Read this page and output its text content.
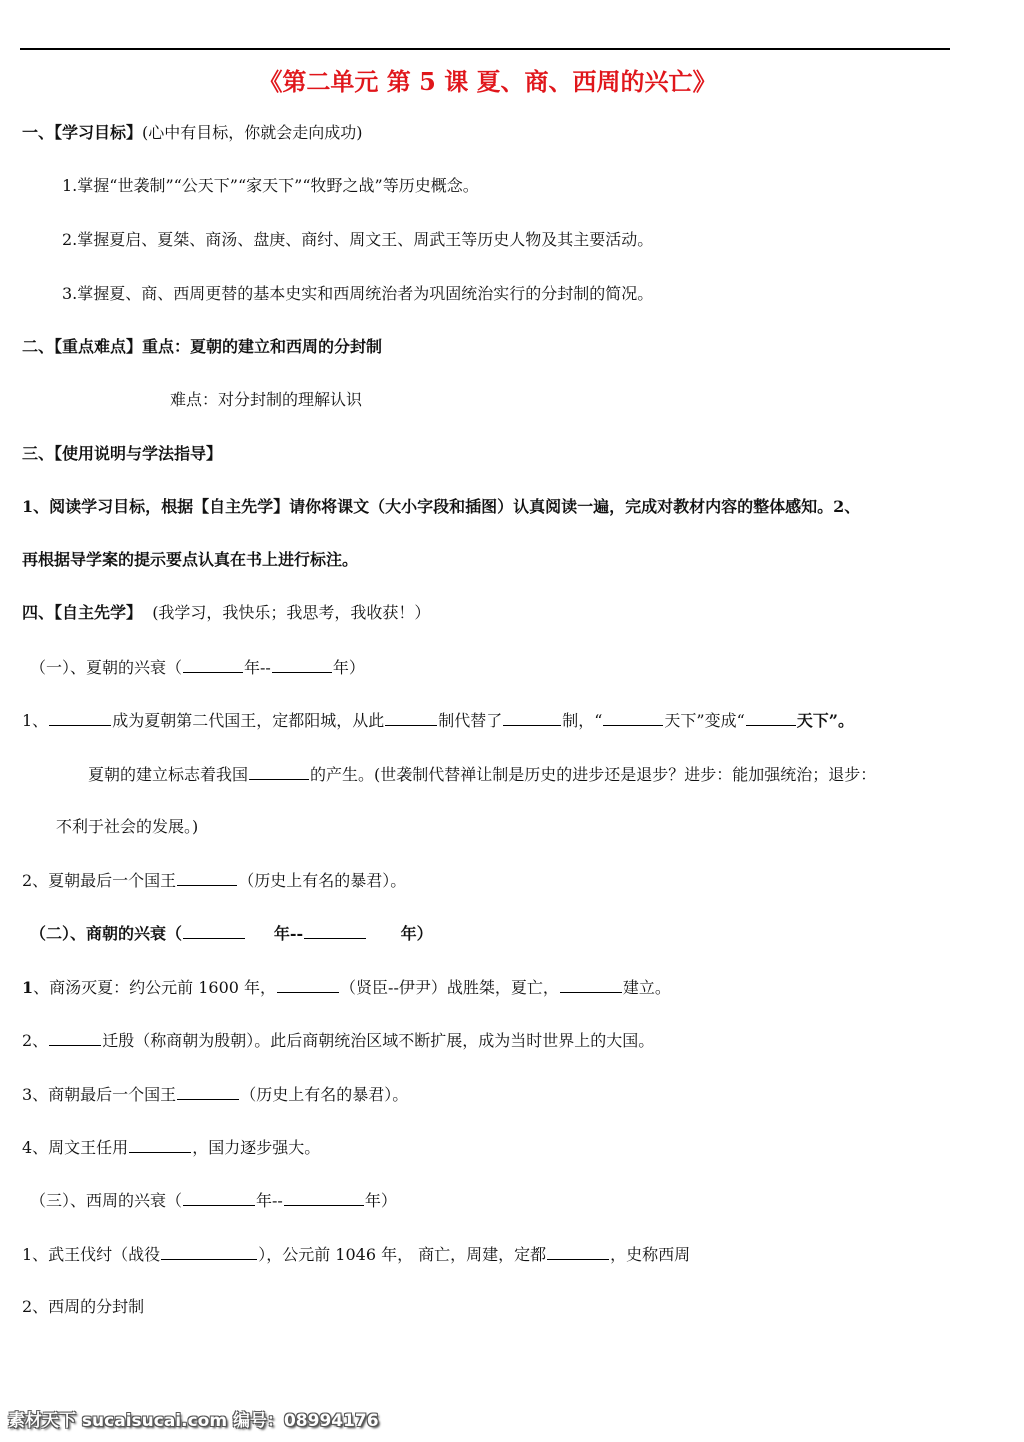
《第二单元 第 5 课 夏、商、西周的兴亡》
一、【学习目标】(心中有目标，你就会走向成功)
1.掌握“世袭制”“公天下”“家天下”“牧野之战”等历史概念。
2.掌握夏启、夏桀、商汤、盘庚、商纣、周文王、周武王等历史人物及其主要活动。
3.掌握夏、商、西周更替的基本史实和西周统治者为巩固统治实行的分封制的简况。
二、【重点难点】重点：夏朝的建立和西周的分封制
难点：对分封制的理解认识
三、【使用说明与学法指导】
1、阅读学习目标，根据【自主先学】请你将课文（大小字段和插图）认真阅读一遍，完成对教材内容的整体感知。2、
再根据导学案的提示要点认真在书上进行标注。
四、【自主先学】 (我学习，我快乐；我思考，我收获！）
（一）、夏朝的兴衰（	年--	年）
1、	成为夏朝第二代国王，定都阳城，从此	制代替了	制，“	天下”变成“	天下”。
夏朝的建立标志着我国	的产生。(世袭制代替禅让制是历史的进步还是退步？进步：能加强统治；退步：
不利于社会的发展。)
2、夏朝最后一个国王	（历史上有名的暴君）。
（二）、商朝的兴衰（	年--	年）
1、商汤灭夏：约公元前 1600 年，	（贤臣--伊尹）战胜桀，夏亡，	建立。
2、	迁殷（称商朝为殷朝）。此后商朝统治区域不断扩展，成为当时世界上的大国。
3、商朝最后一个国王	（历史上有名的暴君）。
4、周文王任用	，国力逐步强大。
（三）、西周的兴衰（	年--	年）
1、武王伐纣（战役	），公元前 1046 年， 商亡，周建，定都	，史称西周
2、西周的分封制
素材天下 sucaisucai.com 编号：08994176
